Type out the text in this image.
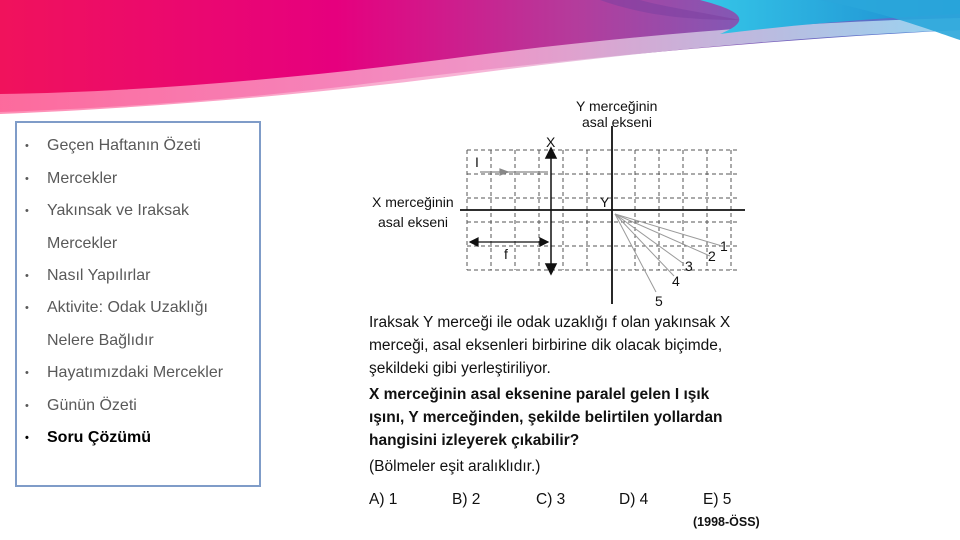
• Geçen Haftanın Özeti
• Mercekler
• Yakınsak ve Iraksak
Mercekler
• Nasıl Yapılırlar
• Aktivite: Odak Uzaklığı
Nelere Bağlıdır
• Hayatımızdaki Mercekler
• Günün Özeti
• Soru Çözümü
Y merceğinin
asal ekseni
X merceğinin
asal ekseni
X
Y
I
f	1
2
3
4
5
Iraksak Y merceği ile odak uzaklığı f olan yakınsak X
merceği, asal eksenleri birbirine dik olacak biçimde,
şekildeki gibi yerleştiriliyor.
X merceğinin asal eksenine paralel gelen I ışık
ışını, Y merceğinden, şekilde belirtilen yollardan
hangisini izleyerek çıkabilir?
(Bölmeler eşit aralıklıdır.)
A) 1	B) 2	C) 3	D) 4	E) 5
(1998-ÖSS)
